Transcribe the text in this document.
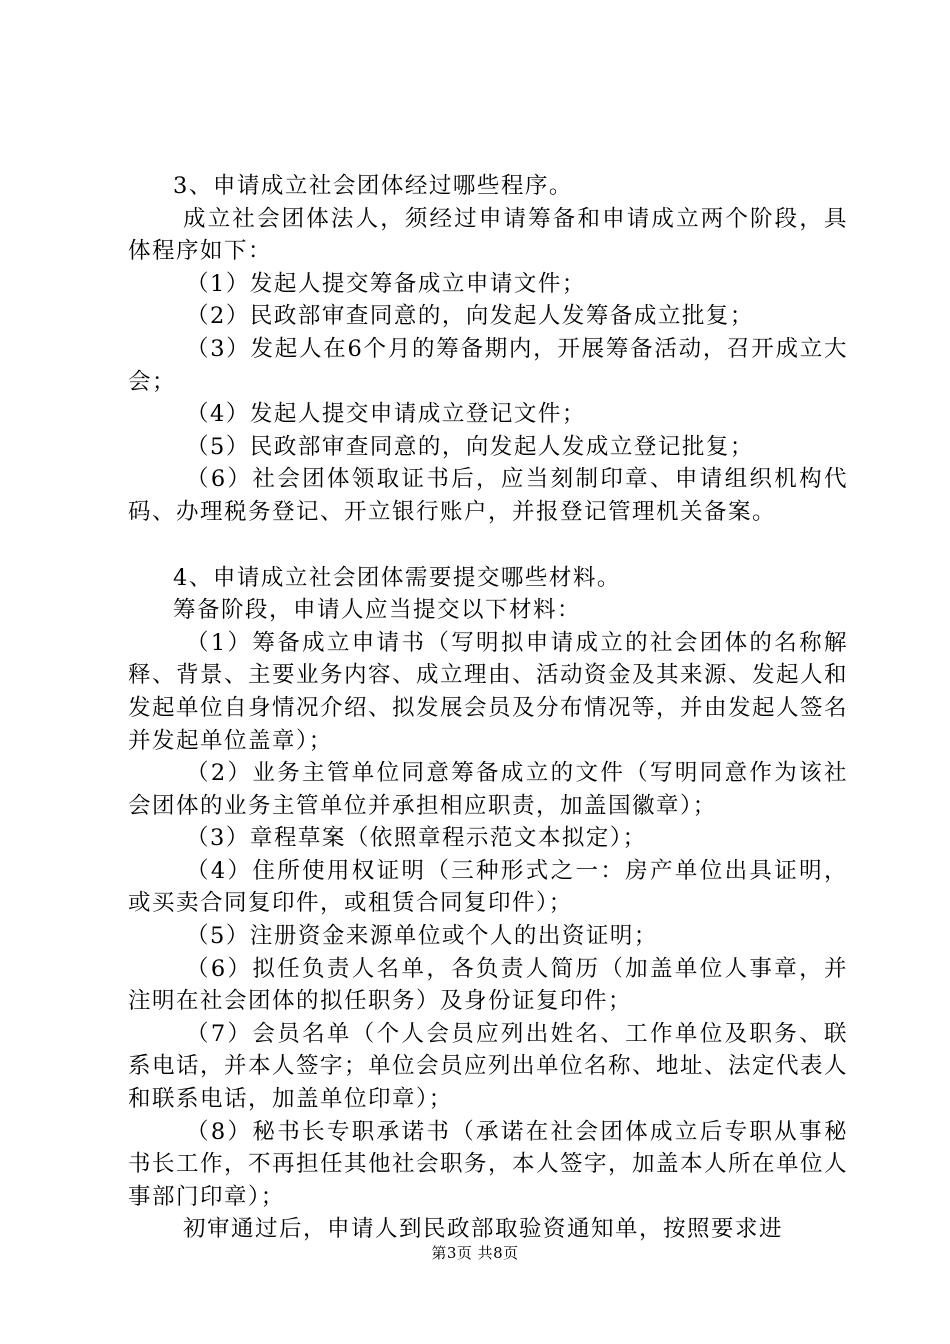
3、申请成立社会团体经过哪些程序。

成立社会团体法人，须经过申请筹备和申请成立两个阶段，具体程序如下：

（1）发起人提交筹备成立申请文件；

（2）民政部审查同意的，向发起人发筹备成立批复；

（3）发起人在6个月的筹备期内，开展筹备活动，召开成立大会；

（4）发起人提交申请成立登记文件；

（5）民政部审查同意的，向发起人发成立登记批复；

（6）社会团体领取证书后，应当刻制印章、申请组织机构代码、办理税务登记、开立银行账户，并报登记管理机关备案。

4、申请成立社会团体需要提交哪些材料。

筹备阶段，申请人应当提交以下材料：

（1）筹备成立申请书（写明拟申请成立的社会团体的名称解释、背景、主要业务内容、成立理由、活动资金及其来源、发起人和发起单位自身情况介绍、拟发展会员及分布情况等，并由发起人签名并发起单位盖章）；

（2）业务主管单位同意筹备成立的文件（写明同意作为该社会团体的业务主管单位并承担相应职责，加盖国徽章）；

（3）章程草案（依照章程示范文本拟定）；

（4）住所使用权证明（三种形式之一：房产单位出具证明，或买卖合同复印件，或租赁合同复印件）；

（5）注册资金来源单位或个人的出资证明；

（6）拟任负责人名单，各负责人简历（加盖单位人事章，并注明在社会团体的拟任职务）及身份证复印件；

（7）会员名单（个人会员应列出姓名、工作单位及职务、联系电话，并本人签字；单位会员应列出单位名称、地址、法定代表人和联系电话，加盖单位印章）；

（8）秘书长专职承诺书（承诺在社会团体成立后专职从事秘书长工作，不再担任其他社会职务，本人签字，加盖本人所在单位人事部门印章）；

初审通过后，申请人到民政部取验资通知单，按照要求进

第3页 共8页
